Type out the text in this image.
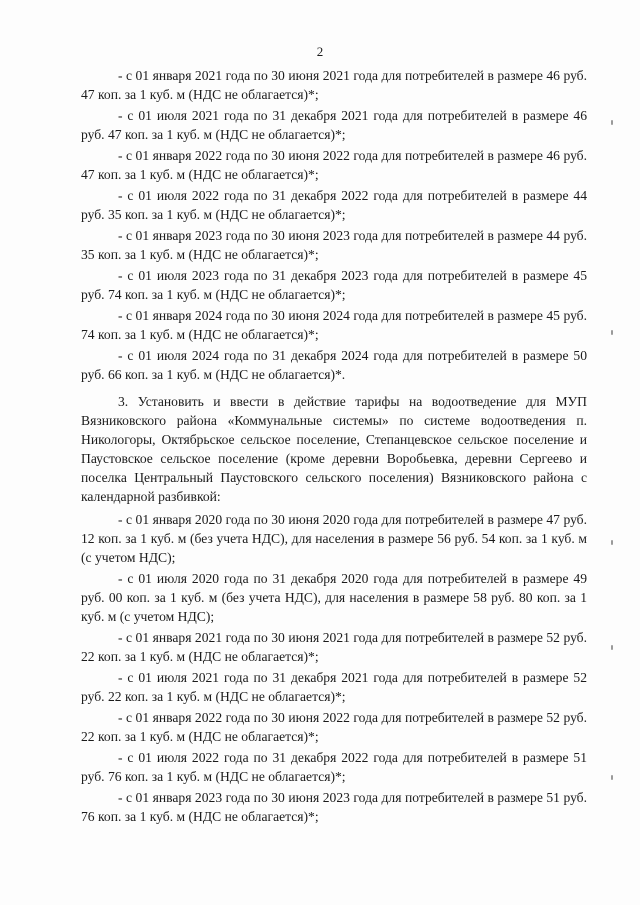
2

- с 01 января 2021 года по 30 июня 2021 года для потребителей в размере 46 руб. 47 коп. за 1 куб. м (НДС не облагается)*;

- с 01 июля 2021 года по 31 декабря 2021 года для потребителей в размере 46 руб. 47 коп. за 1 куб. м (НДС не облагается)*;

- с 01 января 2022 года по 30 июня 2022 года для потребителей в размере 46 руб. 47 коп. за 1 куб. м (НДС не облагается)*;

- с 01 июля 2022 года по 31 декабря 2022 года для потребителей в размере 44 руб. 35 коп. за 1 куб. м (НДС не облагается)*;

- с 01 января 2023 года по 30 июня 2023 года для потребителей в размере 44 руб. 35 коп. за 1 куб. м (НДС не облагается)*;

- с 01 июля 2023 года по 31 декабря 2023 года для потребителей в размере 45 руб. 74 коп. за 1 куб. м (НДС не облагается)*;

- с 01 января 2024 года по 30 июня 2024 года для потребителей в размере 45 руб. 74 коп. за 1 куб. м (НДС не облагается)*;

- с 01 июля 2024 года по 31 декабря 2024 года для потребителей в размере 50 руб. 66 коп. за 1 куб. м (НДС не облагается)*.

3. Установить и ввести в действие тарифы на водоотведение для МУП Вязниковского района «Коммунальные системы» по системе водоотведения п. Никологоры, Октябрьское сельское поселение, Степанцевское сельское поселение и Паустовское сельское поселение (кроме деревни Воробьевка, деревни Сергеево и поселка Центральный Паустовского сельского поселения) Вязниковского района с календарной разбивкой:

- с 01 января 2020 года по 30 июня 2020 года для потребителей в размере 47 руб. 12 коп. за 1 куб. м (без учета НДС), для населения в размере 56 руб. 54 коп. за 1 куб. м (с учетом НДС);

- с 01 июля 2020 года по 31 декабря 2020 года для потребителей в размере 49 руб. 00 коп. за 1 куб. м (без учета НДС), для населения в размере 58 руб. 80 коп. за 1 куб. м (с учетом НДС);

- с 01 января 2021 года по 30 июня 2021 года для потребителей в размере 52 руб. 22 коп. за 1 куб. м (НДС не облагается)*;

- с 01 июля 2021 года по 31 декабря 2021 года для потребителей в размере 52 руб. 22 коп. за 1 куб. м (НДС не облагается)*;

- с 01 января 2022 года по 30 июня 2022 года для потребителей в размере 52 руб. 22 коп. за 1 куб. м (НДС не облагается)*;

- с 01 июля 2022 года по 31 декабря 2022 года для потребителей в размере 51 руб. 76 коп. за 1 куб. м (НДС не облагается)*;

- с 01 января 2023 года по 30 июня 2023 года для потребителей в размере 51 руб. 76 коп. за 1 куб. м (НДС не облагается)*;
